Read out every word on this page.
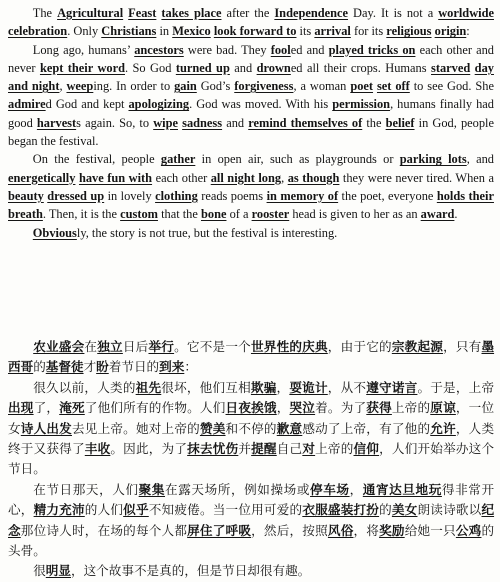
The Agricultural Feast takes place after the Independence Day. It is not a worldwide celebration. Only Christians in Mexico look forward to its arrival for its religious origin:

Long ago, humans’ ancestors were bad. They fooled and played tricks on each other and never kept their word. So God turned up and drowned all their crops. Humans starved day and night, weeping. In order to gain God’s forgiveness, a woman poet set off to see God. She admired God and kept apologizing. God was moved. With his permission, humans finally had good harvests again. So, to wipe sadness and remind themselves of the belief in God, people began the festival.

On the festival, people gather in open air, such as playgrounds or parking lots, and energetically have fun with each other all night long, as though they were never tired. When a beauty dressed up in lovely clothing reads poems in memory of the poet, everyone holds their breath. Then, it is the custom that the bone of a rooster head is given to her as an award.

Obviously, the story is not true, but the festival is interesting.

农业盛会在独立日后举行。它不是一个世界性的庆典，由于它的宗教起源，只有墨西哥的基督徒才盼着节日的到来：

很久以前，人类的祖先很坏，他们互相欺骗，耍诡计，从不遵守诺言。于是，上帝出现了，淹死了他们所有的作物。人们日夜挨饿，哭泣着。为了获得上帝的原谅，一位女诗人出发去见上帝。她对上帝的赞美和不停的歉意感动了上帝，有了他的允许，人类终于又获得了丰收。因此，为了抹去忧伤并提醒自己对上帝的信仰，人们开始举办这个节日。

在节日那天，人们聚集在露天场所，例如操场或停车场，通宵达旦地玩得非常开心，精力充沛的人们似乎不知疲倦。当一位用可爱的衣服盛装打扮的美女朗读诗歌以纪念那位诗人时，在场的每个人都屏住了呼吸，然后，按照风俗，将奖励给她一只公鸡的头骨。

很明显，这个故事不是真的，但是节日却很有趣。
